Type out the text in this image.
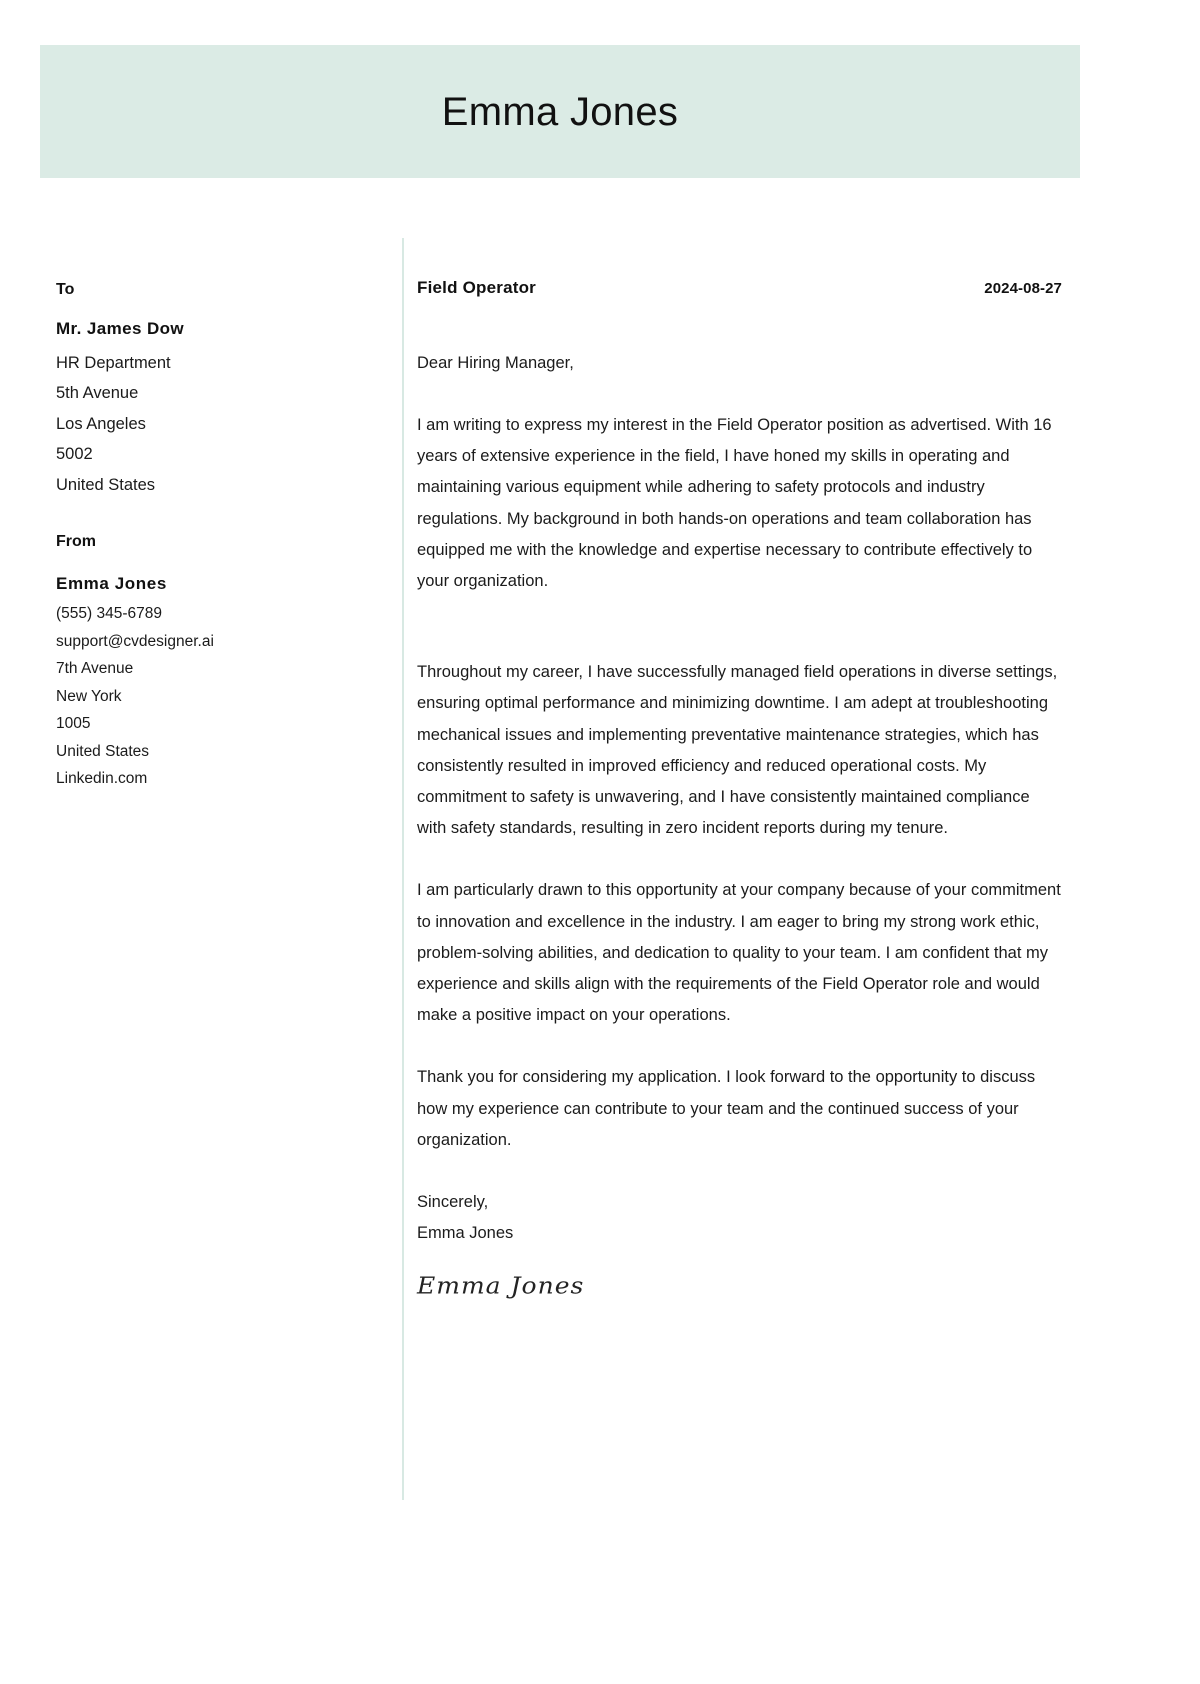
Emma Jones
To
Mr. James Dow
HR Department
5th Avenue
Los Angeles
5002
United States
From
Emma Jones
(555) 345-6789
support@cvdesigner.ai
7th Avenue
New York
1005
United States
Linkedin.com
Field Operator	2024-08-27
Dear Hiring Manager,

I am writing to express my interest in the Field Operator position as advertised. With 16 years of extensive experience in the field, I have honed my skills in operating and maintaining various equipment while adhering to safety protocols and industry regulations. My background in both hands-on operations and team collaboration has equipped me with the knowledge and expertise necessary to contribute effectively to your organization.

Throughout my career, I have successfully managed field operations in diverse settings, ensuring optimal performance and minimizing downtime. I am adept at troubleshooting mechanical issues and implementing preventative maintenance strategies, which has consistently resulted in improved efficiency and reduced operational costs. My commitment to safety is unwavering, and I have consistently maintained compliance with safety standards, resulting in zero incident reports during my tenure.

I am particularly drawn to this opportunity at your company because of your commitment to innovation and excellence in the industry. I am eager to bring my strong work ethic, problem-solving abilities, and dedication to quality to your team. I am confident that my experience and skills align with the requirements of the Field Operator role and would make a positive impact on your operations.

Thank you for considering my application. I look forward to the opportunity to discuss how my experience can contribute to your team and the continued success of your organization.

Sincerely,
Emma Jones
Emma Jones
